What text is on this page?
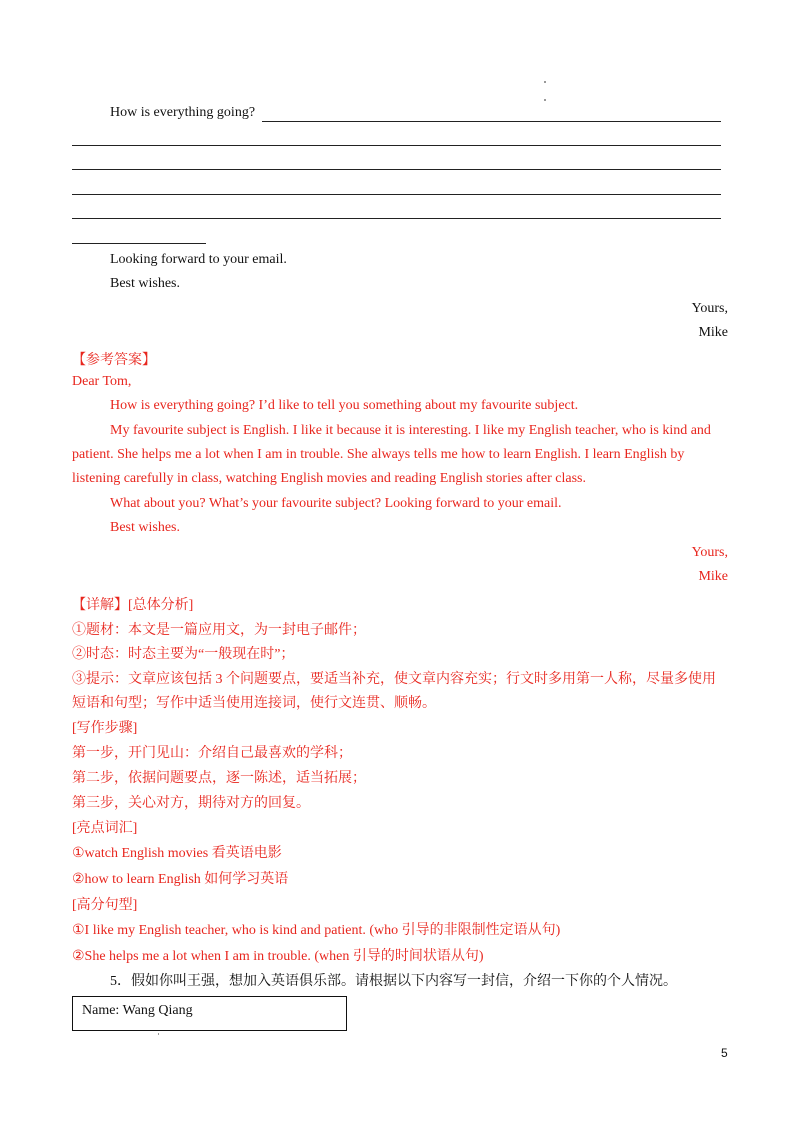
How is everything going?
Looking forward to your email.
Best wishes.
Yours,
Mike
【参考答案】
Dear Tom,
How is everything going? I’d like to tell you something about my favourite subject.
My favourite subject is English. I like it because it is interesting. I like my English teacher, who is kind and
patient. She helps me a lot when I am in trouble. She always tells me how to learn English. I learn English by
listening carefully in class, watching English movies and reading English stories after class.
What about you? What’s your favourite subject? Looking forward to your email.
Best wishes.
Yours,
Mike
【详解】[总体分析]
①题材：本文是一篇应用文，为一封电子邮件；
②时态：时态主要为“一般现在时”；
③提示：文章应该包括 3 个问题要点，要适当补充，使文章内容充实；行文时多用第一人称，尽量多使用
短语和句型；写作中适当使用连接词，使行文连贯、顺畅。
[写作步骤]
第一步，开门见山：介绍自己最喜欢的学科；
第二步，依据问题要点，逐一陈述，适当拓展；
第三步，关心对方，期待对方的回复。
[亮点词汇]
①watch English movies 看英语电影
②how to learn English 如何学习英语
[高分句型]
①I like my English teacher, who is kind and patient. (who 引导的非限制性定语从句)
②She helps me a lot when I am in trouble. (when 引导的时间状语从句)
5．假如你叫王强，想加入英语俱乐部。请根据以下内容写一封信，介绍一下你的个人情况。
Name: Wang Qiang
5
